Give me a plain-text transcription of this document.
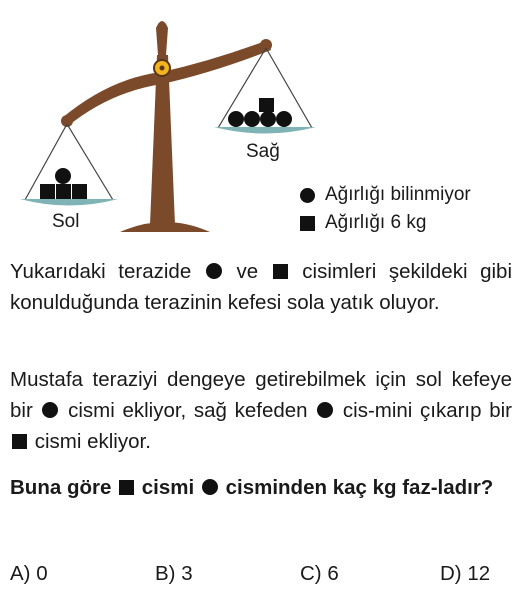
Sol
Sağ
Ağırlığı bilinmiyor
Ağırlığı 6 kg

Yukarıdaki terazide ve cisimleri şekildeki gibi konulduğunda terazinin kefesi sola yatık oluyor.

Mustafa teraziyi dengeye getirebilmek için sol kefeye bir cismi ekliyor, sağ kefeden cis-mini çıkarıp bir  cismi ekliyor.

Buna göre cismi cisminden kaç kg faz-ladır?

A) 0	B) 3	C) 6	D) 12
